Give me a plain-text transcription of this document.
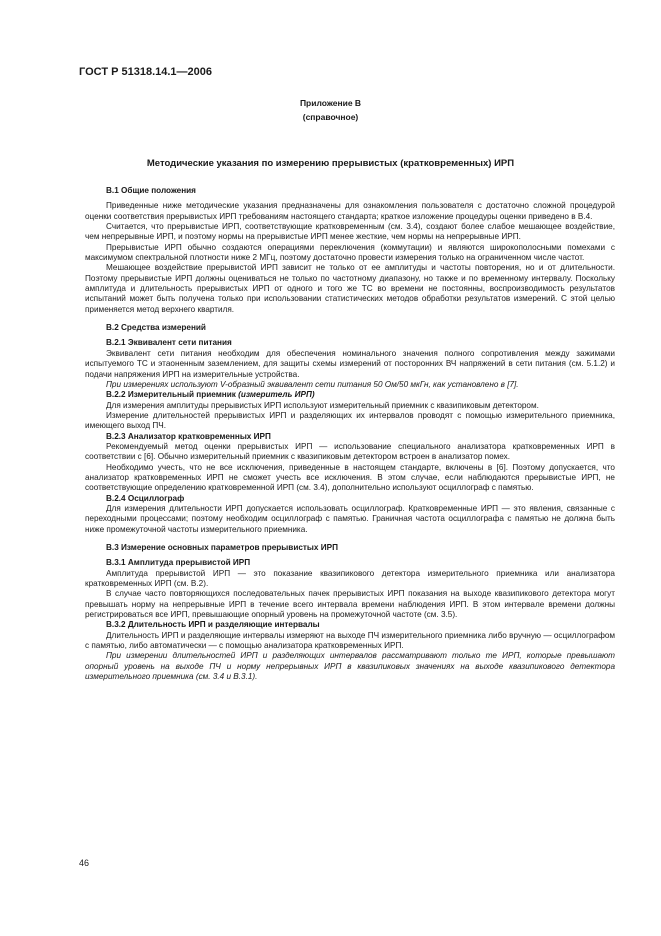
ГОСТ Р 51318.14.1—2006
Приложение В
(справочное)
Методические указания по измерению прерывистых (кратковременных) ИРП
В.1 Общие положения

Приведенные ниже методические указания предназначены для ознакомления пользователя с достаточно сложной процедурой оценки соответствия прерывистых ИРП требованиям настоящего стандарта; краткое изложение процедуры оценки приведено в В.4.

Считается, что прерывистые ИРП, соответствующие кратковременным (см. 3.4), создают более слабое мешающее воздействие, чем непрерывные ИРП, и поэтому нормы на прерывистые ИРП менее жесткие, чем нормы на непрерывные ИРП.

Прерывистые ИРП обычно создаются операциями переключения (коммутации) и являются широкополосными помехами с максимумом спектральной плотности ниже 2 МГц, поэтому достаточно провести измерения только на ограниченном числе частот.

Мешающее воздействие прерывистой ИРП зависит не только от ее амплитуды и частоты повторения, но и от длительности. Поэтому прерывистые ИРП должны оцениваться не только по частотному диапазону, но также и по временному интервалу. Поскольку амплитуда и длительность прерывистых ИРП от одного и того же ТС во времени не постоянны, воспроизводимость результатов испытаний может быть получена только при использовании статистических методов обработки результатов измерений. С этой целью применяется метод верхнего квартиля.

В.2 Средства измерений
В.2.1 Эквивалент сети питания

Эквивалент сети питания необходим для обеспечения номинального значения полного сопротивления между зажимами испытуемого ТС и этаоненным заземлением, для защиты схемы измерений от посторонних ВЧ напряжений в сети питания (см. 5.1.2) и подачи напряжения ИРП на измерительные устройства.

При измерениях используют V-образный эквивалент сети питания 50 Ом/50 мкГн, как установлено в [7].

В.2.2 Измерительный приемник (измеритель ИРП)

Для измерения амплитуды прерывистых ИРП используют измерительный приемник с квазипиковым детектором.

Измерение длительностей прерывистых ИРП и разделяющих их интервалов проводят с помощью измерительного приемника, имеющего выход ПЧ.

В.2.3 Анализатор кратковременных ИРП

Рекомендуемый метод оценки прерывистых ИРП — использование специального анализатора кратковременных ИРП в соответствии с [6]. Обычно измерительный приемник с квазипиковым детектором встроен в анализатор помех.

Необходимо учесть, что не все исключения, приведенные в настоящем стандарте, включены в [6]. Поэтому допускается, что анализатор кратковременных ИРП не сможет учесть все исключения. В этом случае, если наблюдаются прерывистые ИРП, не соответствующие определению кратковременной ИРП (см. 3.4), дополнительно используют осциллограф с памятью.

В.2.4 Осциллограф

Для измерения длительности ИРП допускается использовать осциллограф. Кратковременные ИРП — это явления, связанные с переходными процессами; поэтому необходим осциллограф с памятью. Граничная частота осциллографа с памятью не должна быть ниже промежуточной частоты измерительного приемника.

В.3 Измерение основных параметров прерывистых ИРП
В.3.1 Амплитуда прерывистой ИРП

Амплитуда прерывистой ИРП — это показание квазипикового детектора измерительного приемника или анализатора кратковременных ИРП (см. В.2).

В случае часто повторяющихся последовательных пачек прерывистых ИРП показания на выходе квазипикового детектора могут превышать норму на непрерывные ИРП в течение всего интервала времени наблюдения ИРП. В этом интервале времени должны регистрироваться все ИРП, превышающие опорный уровень на промежуточной частоте (см. 3.5).

В.3.2 Длительность ИРП и разделяющие интервалы

Длительность ИРП и разделяющие интервалы измеряют на выходе ПЧ измерительного приемника либо вручную — осциллографом с памятью, либо автоматически — с помощью анализатора кратковременных ИРП.

При измерении длительностей ИРП и разделяющих интервалов рассматривают только те ИРП, которые превышают опорный уровень на выходе ПЧ и норму непрерывных ИРП в квазипиковых значениях на выходе квазипикового детектора измерительного приемника (см. 3.4 и В.3.1).

46
